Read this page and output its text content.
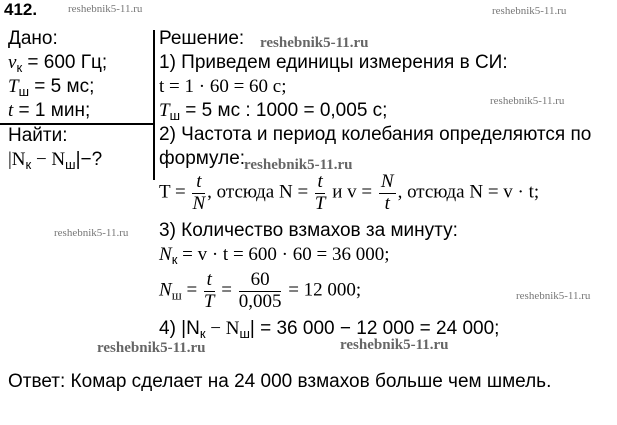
412.	reshebnik5-11.ru	reshebnik5-11.ru
reshebnik5-11.ru
reshebnik5-11.ru
reshebnik5-11.ru
reshebnik5-11.ru
reshebnik5-11.ru
reshebnik5-11.ru	reshebnik5-11.ru
Дано:
$v_к = 600$ Гц;
$T_ш = 5$ мс;
t = 1 мин;
Найти:
$|N_к - N_ш|-$?
Решение:
1) Приведем единицы измерения в СИ:
t = 1 · 60 = 60 с;
$T_ш = 5$ мс : 1000 = 0,005 с;
2) Частота и период колебания определяются по
формуле:
$T = \frac{t}{N}$ , отсюда $N = \frac{t}{T}$ и $v = \frac{N}{t}$ , отсюда N = v · t;
3) Количество взмахов за минуту:
$N_к = v \cdot t = 600 \cdot 60 = 36$ 000;
$N_ш = \frac{t}{T} = \frac{60}{0,005} = 12$ 000;
4) $|N_к - N_ш| = 36$ 000 − 12 000 = 24 000;
Ответ: Комар сделает на 24 000 взмахов больше чем шмель.
